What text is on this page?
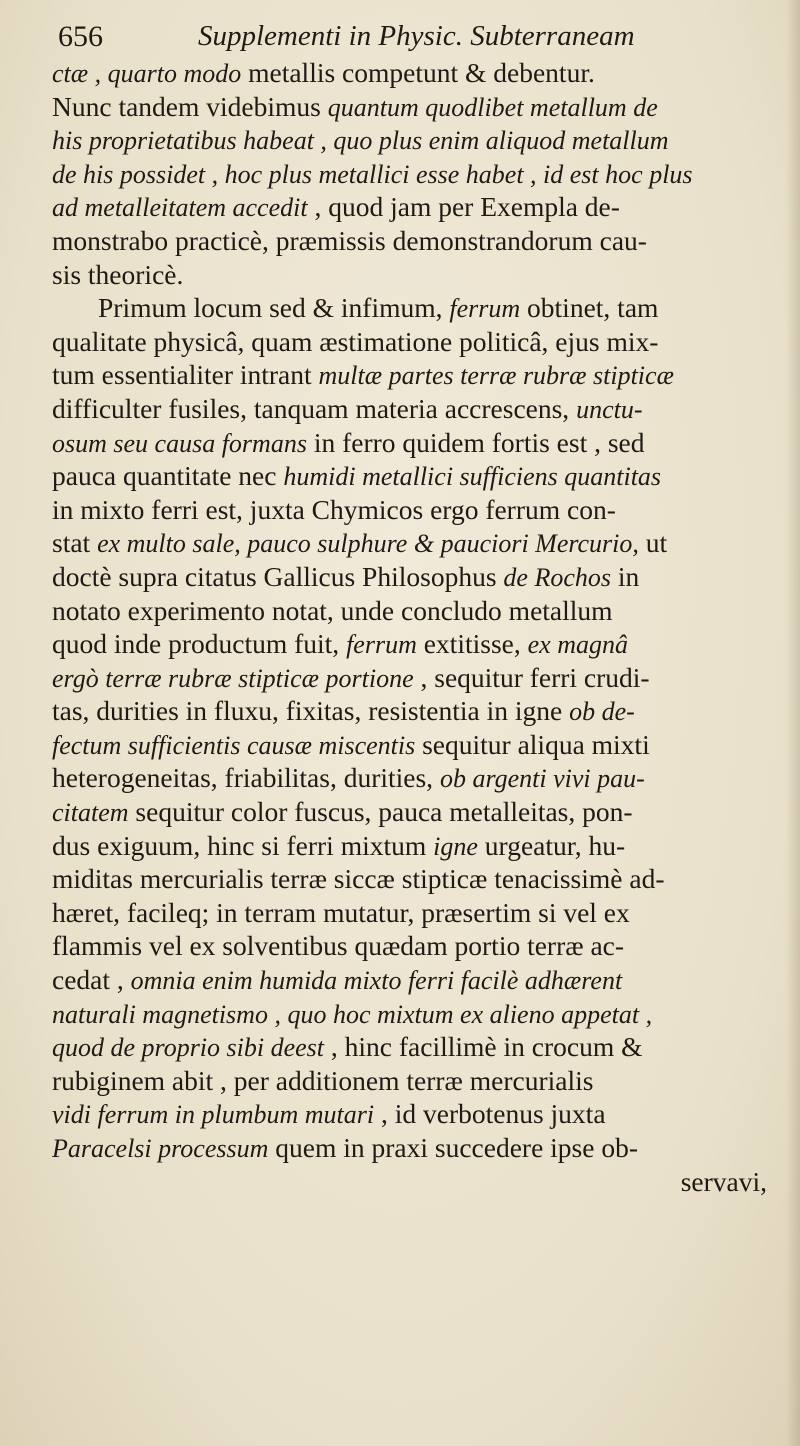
656	Supplementi in Physic. Subterraneam
ctæ , quarto modo metallis competunt & debentur.
Nunc tandem videbimus quantum quodlibet metallum de
his proprietatibus habeat , quo plus enim aliquod metallum
de his possidet , hoc plus metallici esse habet , id est hoc plus
ad metalleitatem accedit , quod jam per Exempla de-
monstrabo practicè, præmissis demonstrandorum cau-
sis theoricè.
Primum locum sed & infimum, ferrum obtinet, tam
qualitate physicâ, quam æstimatione politicâ, ejus mix-
tum essentialiter intrant multæ partes terræ rubræ stipticæ
difficulter fusiles, tanquam materia accrescens, unctu-
osum seu causa formans in ferro quidem fortis est , sed
pauca quantitate nec humidi metallici sufficiens quantitas
in mixto ferri est, juxta Chymicos ergo ferrum con-
stat ex multo sale, pauco sulphure & pauciori Mercurio, ut
doctè supra citatus Gallicus Philosophus de Rochos in
notato experimento notat, unde concludo metallum
quod inde productum fuit, ferrum extitisse, ex magnâ
ergò terræ rubræ stipticæ portione , sequitur ferri crudi-
tas, durities in fluxu, fixitas, resistentia in igne ob de-
fectum sufficientis causæ miscentis sequitur aliqua mixti
heterogeneitas, friabilitas, durities, ob argenti vivi pau-
citatem sequitur color fuscus, pauca metalleitas, pon-
dus exiguum, hinc si ferri mixtum igne urgeatur, hu-
miditas mercurialis terræ siccæ stipticæ tenacissimè ad-
hæret, facileq; in terram mutatur, præsertim si vel ex
flammis vel ex solventibus quædam portio terræ ac-
cedat , omnia enim humida mixto ferri facilè adhærent
naturali magnetismo , quo hoc mixtum ex alieno appetat ,
quod de proprio sibi deest , hinc facillimè in crocum &
rubiginem abit , per additionem terræ mercurialis
vidi ferrum in plumbum mutari , id verbotenus juxta
Paracelsi processum quem in praxi succedere ipse ob-
servavi,
